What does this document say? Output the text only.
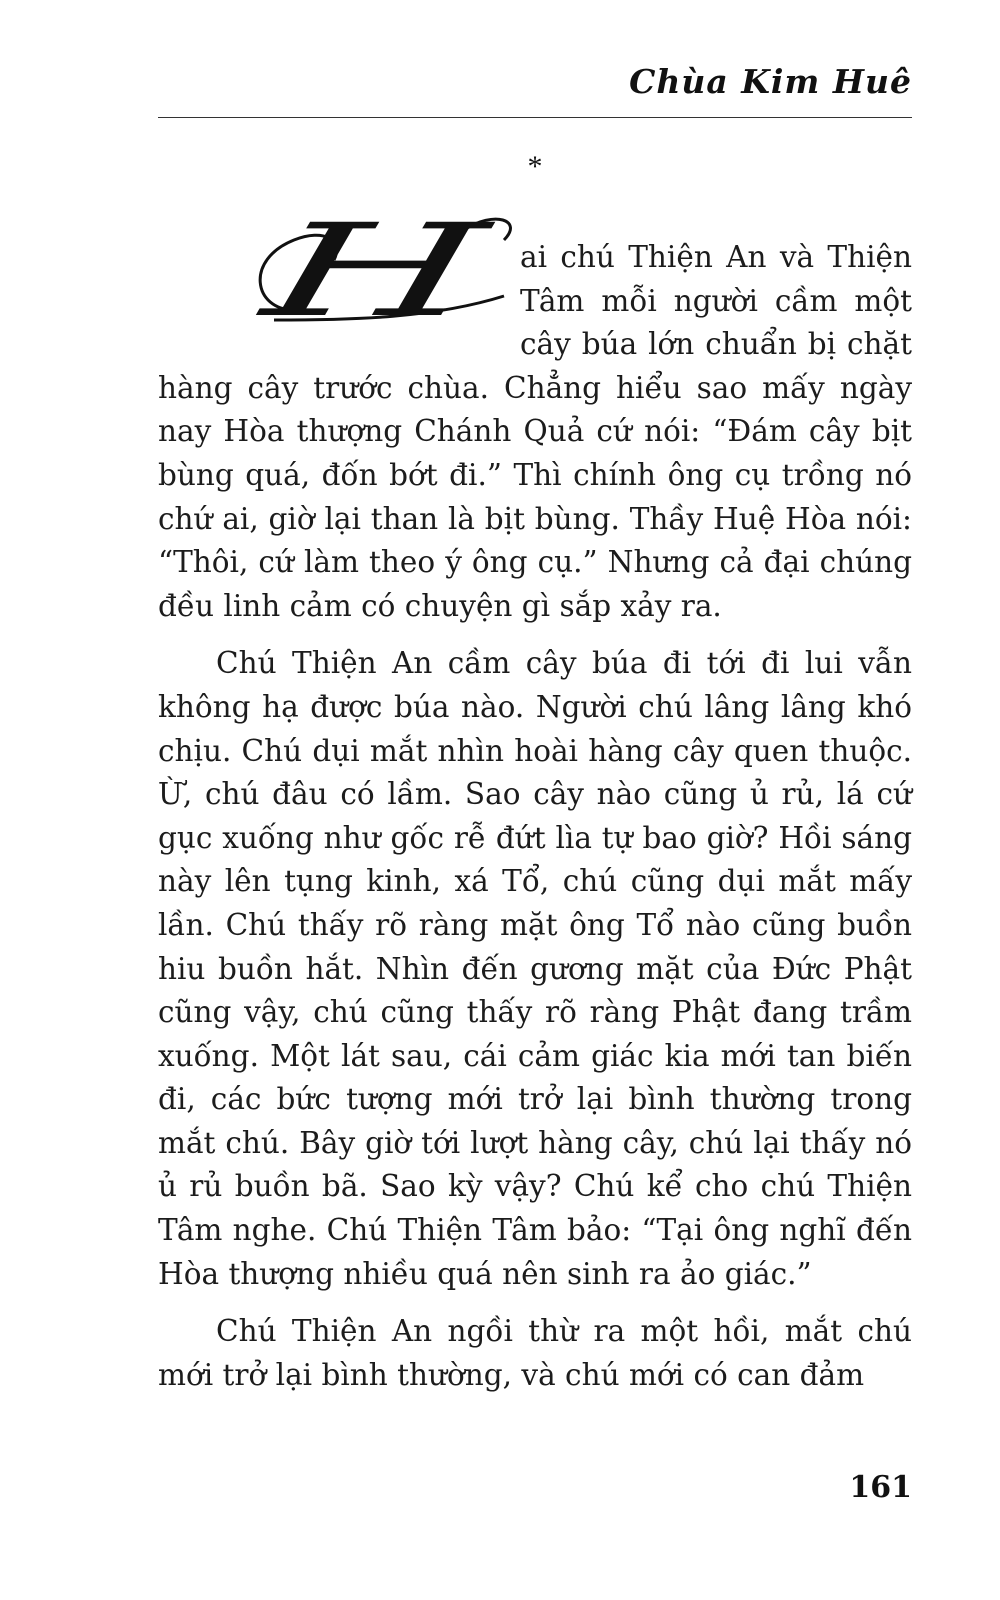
Chùa Kim Huê
*

H ai chú Thiện An và Thiện Tâm mỗi người cầm một cây búa lớn chuẩn bị chặt hàng cây trước chùa. Chẳng hiểu sao mấy ngày nay Hòa thượng Chánh Quả cứ nói: “Đám cây bịt bùng quá, đốn bớt đi.” Thì chính ông cụ trồng nó chứ ai, giờ lại than là bịt bùng. Thầy Huệ Hòa nói: “Thôi, cứ làm theo ý ông cụ.” Nhưng cả đại chúng đều linh cảm có chuyện gì sắp xảy ra.

Chú Thiện An cầm cây búa đi tới đi lui vẫn không hạ được búa nào. Người chú lâng lâng khó chịu. Chú dụi mắt nhìn hoài hàng cây quen thuộc. Ừ, chú đâu có lầm. Sao cây nào cũng ủ rủ, lá cứ gục xuống như gốc rễ đứt lìa tự bao giờ? Hồi sáng này lên tụng kinh, xá Tổ, chú cũng dụi mắt mấy lần. Chú thấy rõ ràng mặt ông Tổ nào cũng buồn hiu buồn hắt. Nhìn đến gương mặt của Đức Phật cũng vậy, chú cũng thấy rõ ràng Phật đang trầm xuống. Một lát sau, cái cảm giác kia mới tan biến đi, các bức tượng mới trở lại bình thường trong mắt chú. Bây giờ tới lượt hàng cây, chú lại thấy nó ủ rủ buồn bã. Sao kỳ vậy? Chú kể cho chú Thiện Tâm nghe. Chú Thiện Tâm bảo: “Tại ông nghĩ đến Hòa thượng nhiều quá nên sinh ra ảo giác.”

Chú Thiện An ngồi thừ ra một hồi, mắt chú mới trở lại bình thường, và chú mới có can đảm

161
